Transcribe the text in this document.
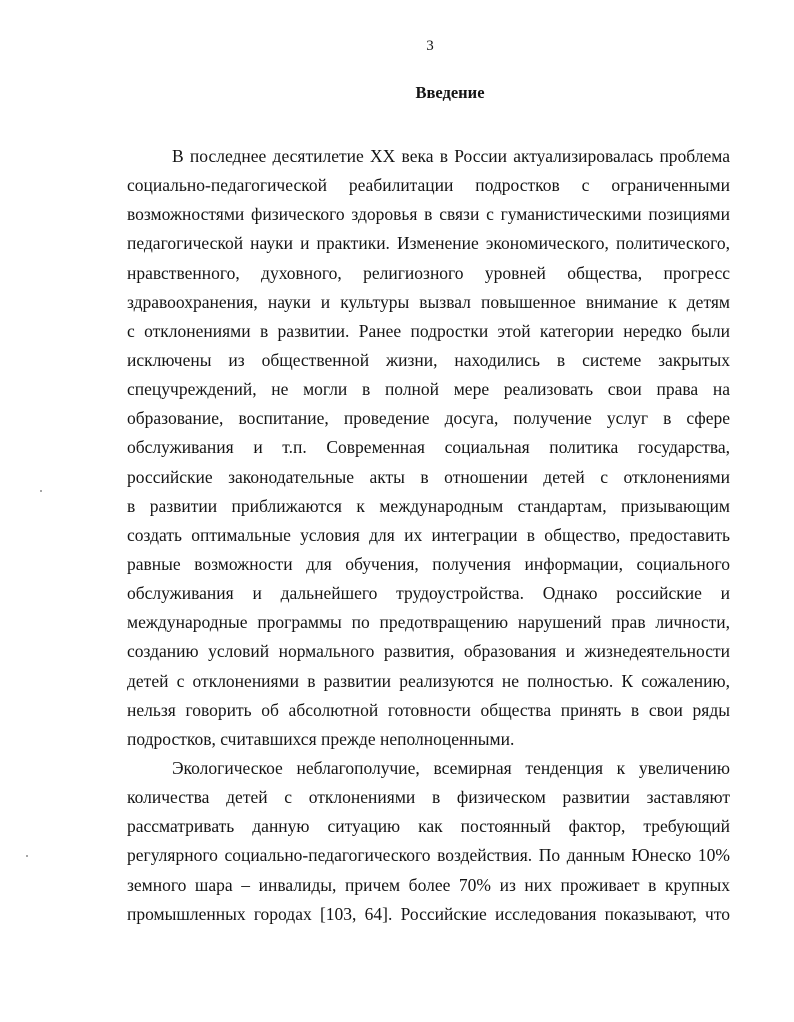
3
Введение
В последнее десятилетие XX века в России актуализировалась проблема
социально-педагогической реабилитации подростков с ограниченными
возможностями физического здоровья в связи с гуманистическими позициями
педагогической науки и практики. Изменение экономического, политического,
нравственного, духовного, религиозного уровней общества, прогресс
здравоохранения, науки и культуры вызвал повышенное внимание к детям
с отклонениями в развитии. Ранее подростки этой категории нередко были
исключены из общественной жизни, находились в системе закрытых
спецучреждений, не могли в полной мере реализовать свои права на
образование, воспитание, проведение досуга, получение услуг в сфере
обслуживания и т.п. Современная социальная политика государства,
российские законодательные акты в отношении детей с отклонениями
в развитии приближаются к международным стандартам, призывающим
создать оптимальные условия для их интеграции в общество, предоставить
равные возможности для обучения, получения информации, социального
обслуживания и дальнейшего трудоустройства. Однако российские и
международные программы по предотвращению нарушений прав личности,
созданию условий нормального развития, образования и жизнедеятельности
детей с отклонениями в развитии реализуются не полностью. К сожалению,
нельзя говорить об абсолютной готовности общества принять в свои ряды
подростков, считавшихся прежде неполноценными.
Экологическое неблагополучие, всемирная тенденция к увеличению
количества детей с отклонениями в физическом развитии заставляют
рассматривать данную ситуацию как постоянный фактор, требующий
регулярного социально-педагогического воздействия. По данным Юнеско 10%
земного шара – инвалиды, причем более 70% из них проживает в крупных
промышленных городах [103, 64]. Российские исследования показывают, что
